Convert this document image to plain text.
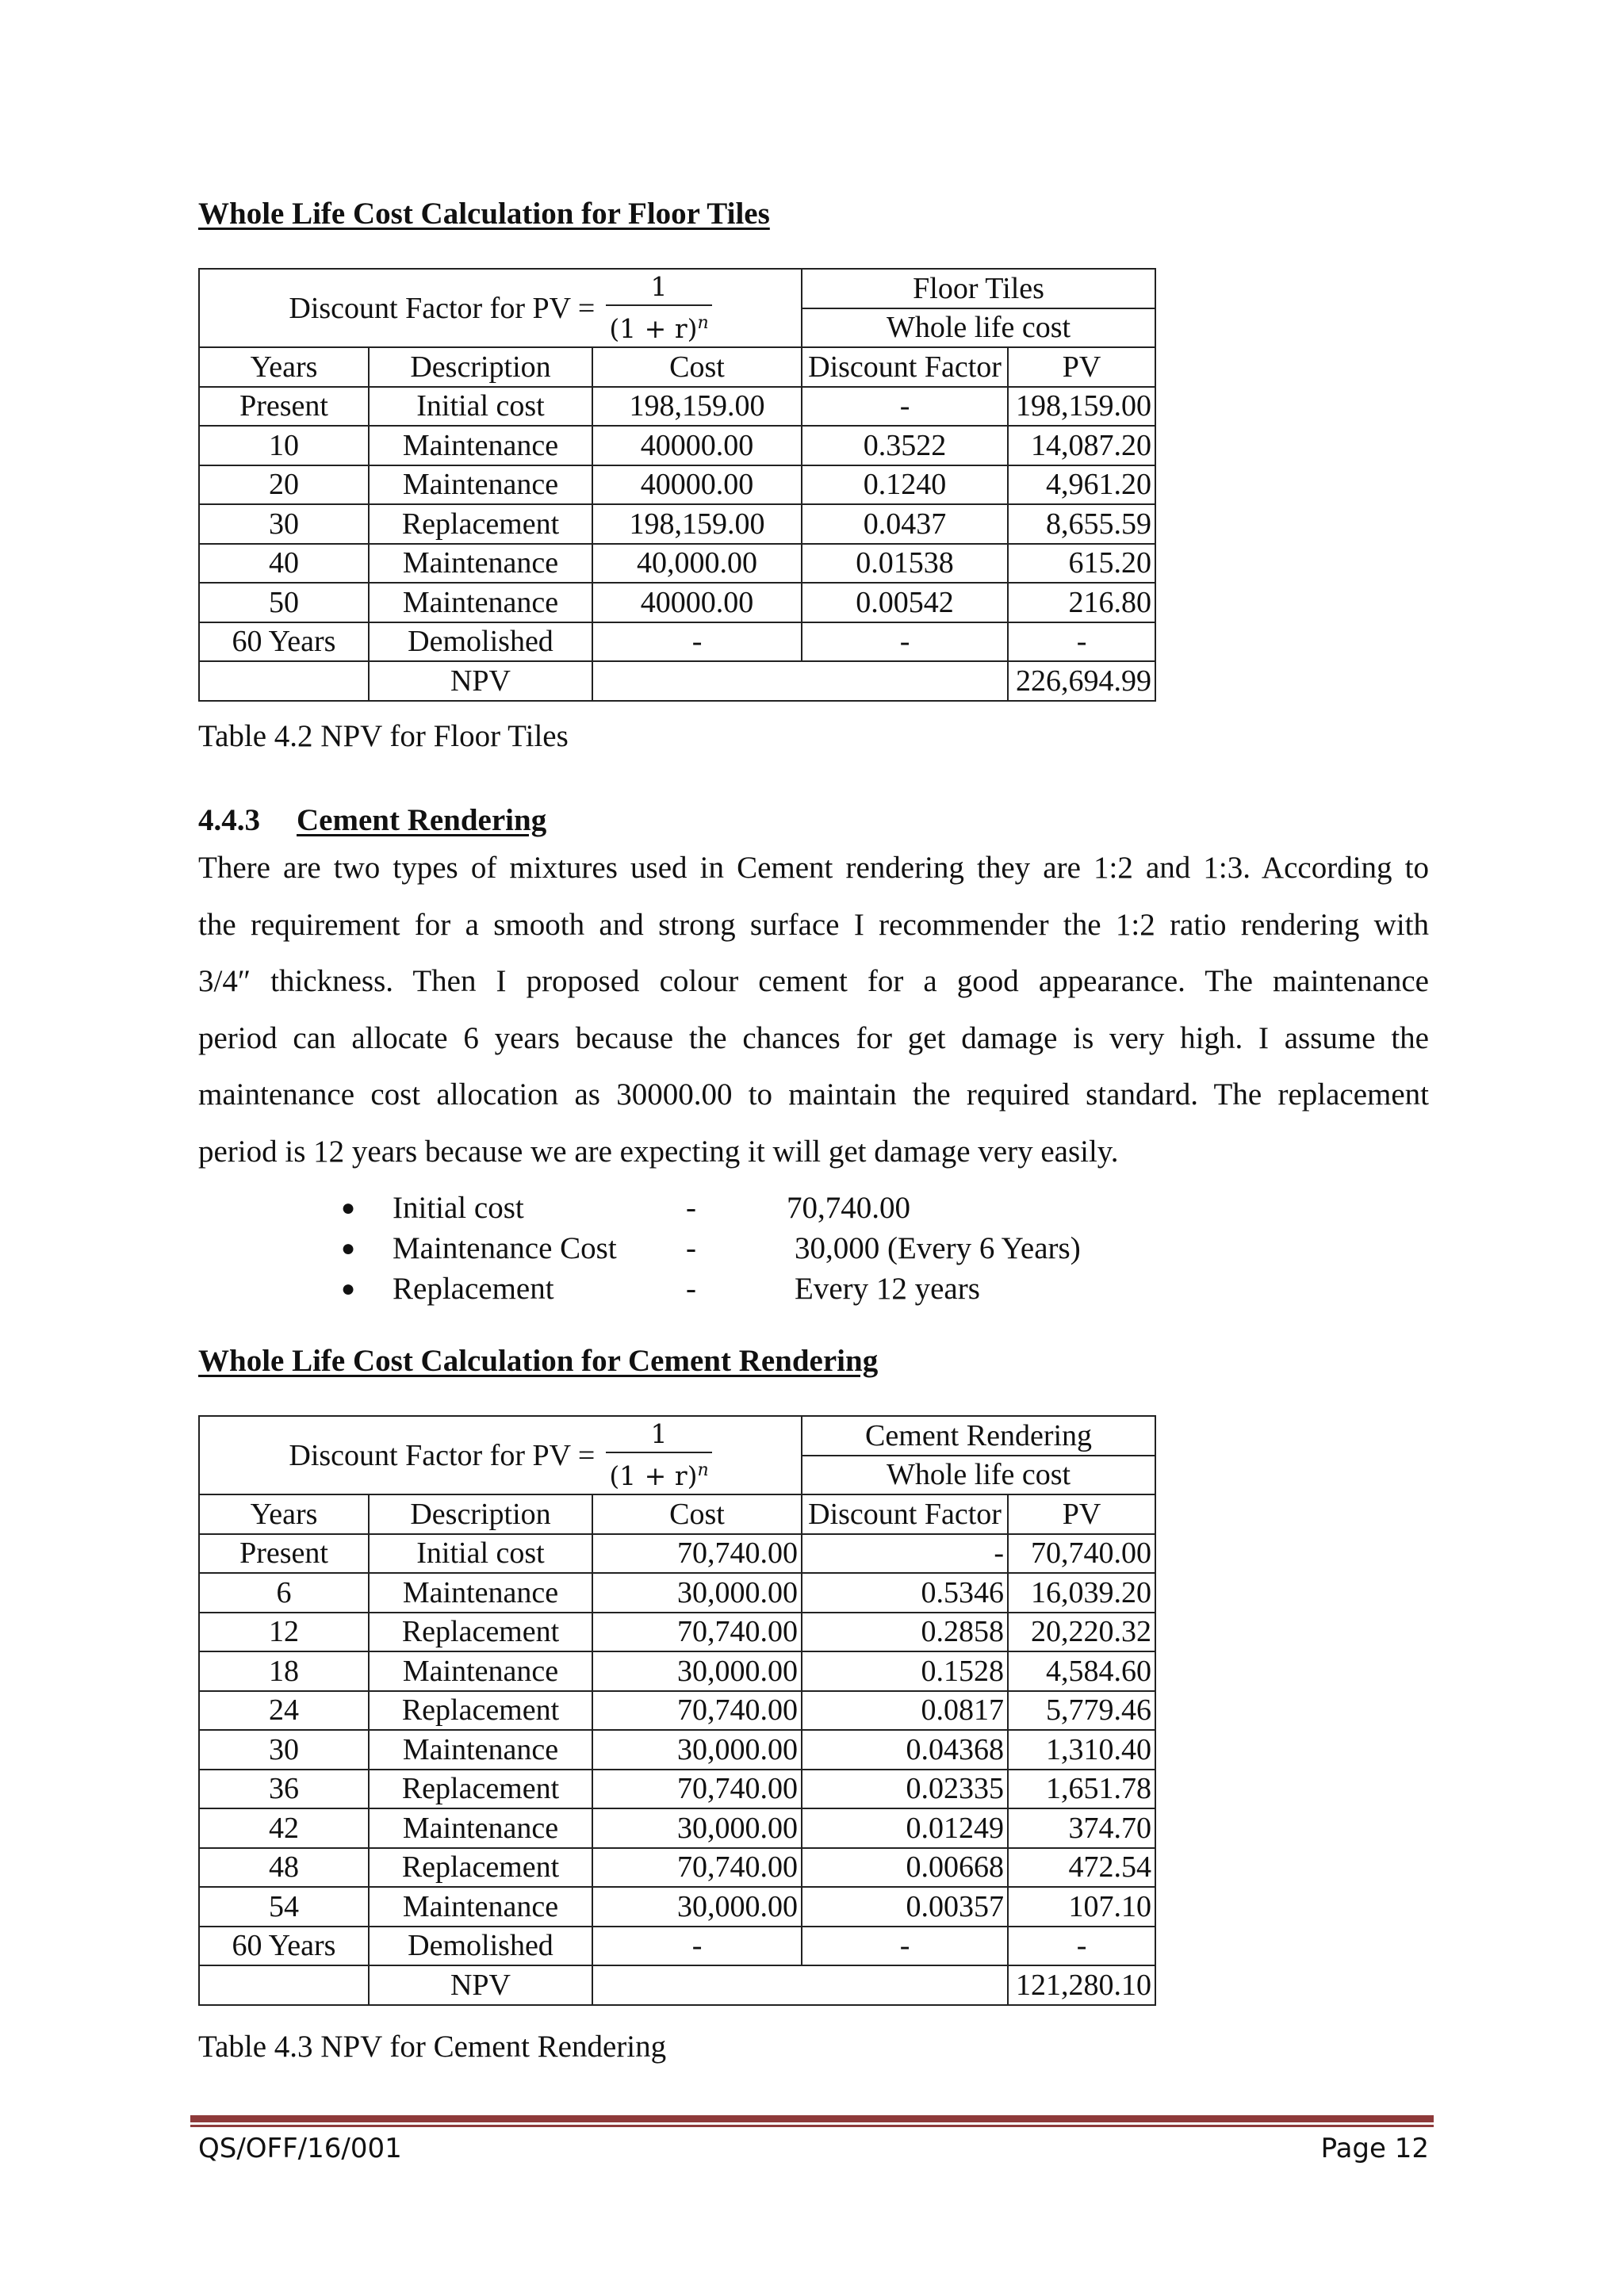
Whole Life Cost Calculation for Floor Tiles
Discount Factor for PV = $\frac{1}{(1 + r)^n}$			Floor Tiles	
			Whole life cost	
Years	Description	Cost	Discount Factor	PV
Present	Initial cost	198,159.00	-	198,159.00
10	Maintenance	40000.00	0.3522	14,087.20
20	Maintenance	40000.00	0.1240	4,961.20
30	Replacement	198,159.00	0.0437	8,655.59
40	Maintenance	40,000.00	0.01538	615.20
50	Maintenance	40000.00	0.00542	216.80
60 Years	Demolished	-	-	-
	NPV			226,694.99

Table 4.2 NPV for Floor Tiles

4.4.3 Cement Rendering
There are two types of mixtures used in Cement rendering they are 1:2 and 1:3. According to
the requirement for a smooth and strong surface I recommender the 1:2 ratio rendering with
3/4″ thickness. Then I proposed colour cement for a good appearance. The maintenance
period can allocate 6 years because the chances for get damage is very high. I assume the
maintenance cost allocation as 30000.00 to maintain the required standard. The replacement
period is 12 years because we are expecting it will get damage very easily.
● Initial cost	-	70,740.00
● Maintenance Cost -	30,000 (Every 6 Years)
● Replacement	-	Every 12 years
Whole Life Cost Calculation for Cement Rendering
Discount Factor for PV = $\frac{1}{(1 + r)^n}$			Cement Rendering	
			Whole life cost	
Years	Description	Cost	Discount Factor	PV
Present	Initial cost	70,740.00	-	70,740.00
6	Maintenance	30,000.00	0.5346	16,039.20
12	Replacement	70,740.00	0.2858	20,220.32
18	Maintenance	30,000.00	0.1528	4,584.60
24	Replacement	70,740.00	0.0817	5,779.46
30	Maintenance	30,000.00	0.04368	1,310.40
36	Replacement	70,740.00	0.02335	1,651.78
42	Maintenance	30,000.00	0.01249	374.70
48	Replacement	70,740.00	0.00668	472.54
54	Maintenance	30,000.00	0.00357	107.10
60 Years	Demolished	-	-	-
	NPV			121,280.10

Table 4.3 NPV for Cement Rendering

QS/OFF/16/001	Page 12
